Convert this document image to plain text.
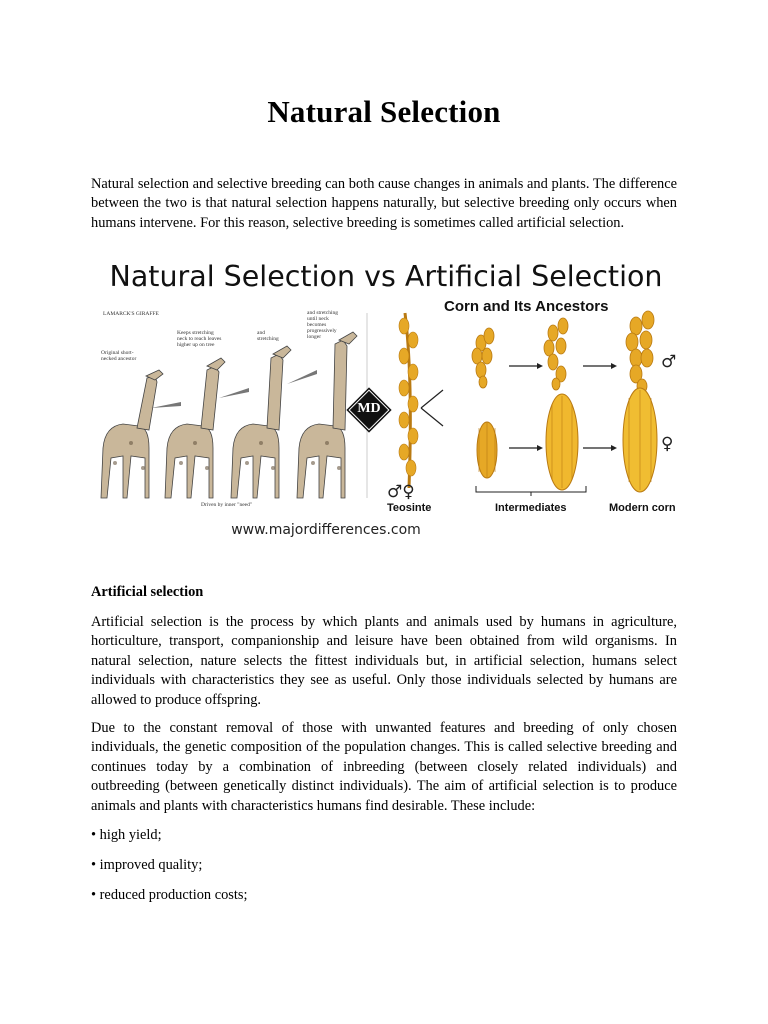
Natural Selection

Natural selection and selective breeding can both cause changes in animals and plants. The difference between the two is that natural selection happens naturally, but selective breeding only occurs when humans intervene. For this reason, selective breeding is sometimes called artificial selection.

Natural Selection vs Artificial Selection
Corn and Its Ancestors
LAMARCK'S GIRAFFE
Original short-necked ancestor
Keeps stretching neck to reach leaves higher up on tree
and stretching
and stretching until neck becomes progressively longer
Driven by inner "need"
MD
♂♀
♂
♀
Teosinte	Intermediates	Modern corn
www.majordifferences.com
Artificial selection

Artificial selection is the process by which plants and animals used by humans in agriculture, horticulture, transport, companionship and leisure have been obtained from wild organisms. In natural selection, nature selects the fittest individuals but, in artificial selection, humans select individuals with characteristics they see as useful. Only those individuals selected by humans are allowed to produce offspring.

Due to the constant removal of those with unwanted features and breeding of only chosen individuals, the genetic composition of the population changes. This is called selective breeding and continues today by a combination of inbreeding (between closely related individuals) and outbreeding (between genetically distinct individuals). The aim of artificial selection is to produce animals and plants with characteristics humans find desirable. These include:

• high yield;
• improved quality;
• reduced production costs;
